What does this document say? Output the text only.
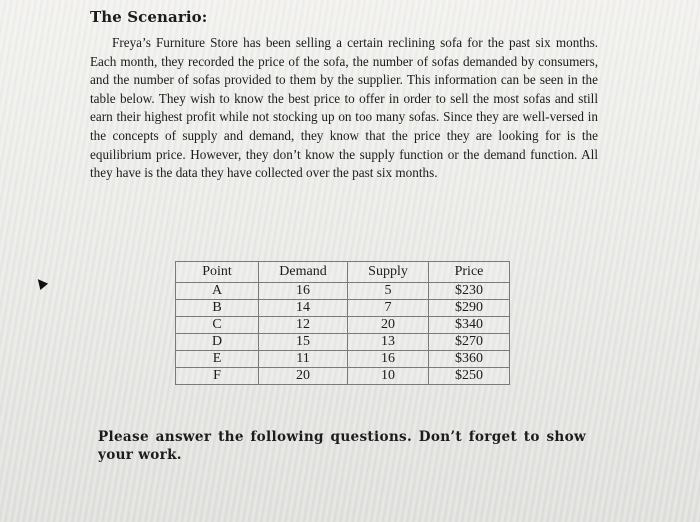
The Scenario:
Freya’s Furniture Store has been selling a certain reclining sofa for the past six months. Each month, they recorded the price of the sofa, the number of sofas demanded by consumers, and the number of sofas provided to them by the supplier. This information can be seen in the table below. They wish to know the best price to offer in order to sell the most sofas and still earn their highest profit while not stocking up on too many sofas. Since they are well-versed in the concepts of supply and demand, they know that the price they are looking for is the equilibrium price. However, they don’t know the supply function or the demand function. All they have is the data they have collected over the past six months.
Point	Demand	Supply	Price
A	16	5	$230
B	14	7	$290
C	12	20	$340
D	15	13	$270
E	11	16	$360
F	20	10	$250
Please answer the following questions. Don’t forget to show your work.
